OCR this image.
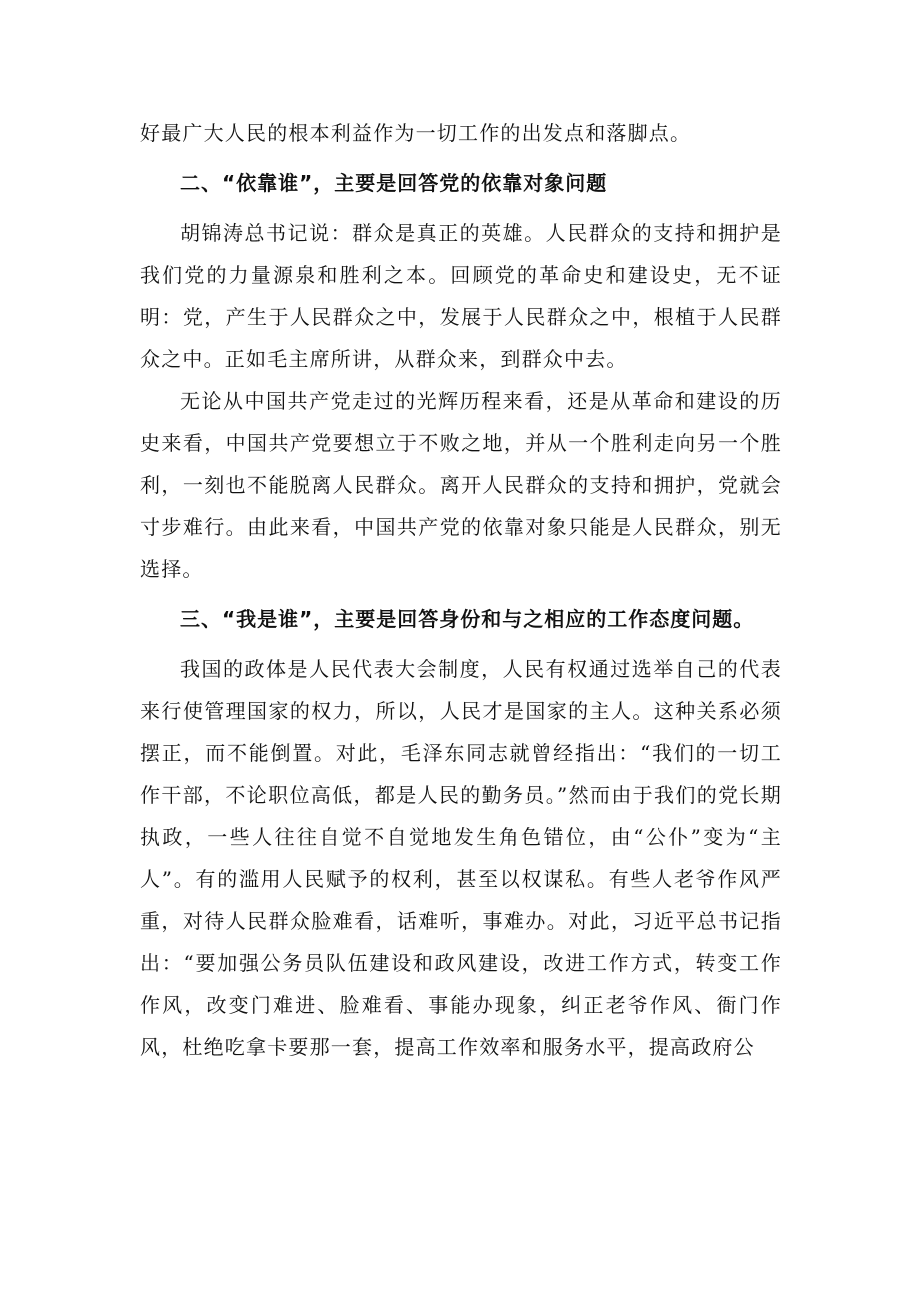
好最广大人民的根本利益作为一切工作的出发点和落脚点。

二、“依靠谁”，主要是回答党的依靠对象问题

胡锦涛总书记说：群众是真正的英雄。人民群众的支持和拥护是我们党的力量源泉和胜利之本。回顾党的革命史和建设史，无不证明：党，产生于人民群众之中，发展于人民群众之中，根植于人民群众之中。正如毛主席所讲，从群众来，到群众中去。

无论从中国共产党走过的光辉历程来看，还是从革命和建设的历史来看，中国共产党要想立于不败之地，并从一个胜利走向另一个胜利，一刻也不能脱离人民群众。离开人民群众的支持和拥护，党就会寸步难行。由此来看，中国共产党的依靠对象只能是人民群众，别无选择。

三、“我是谁”，主要是回答身份和与之相应的工作态度问题。

我国的政体是人民代表大会制度，人民有权通过选举自己的代表来行使管理国家的权力，所以，人民才是国家的主人。这种关系必须摆正，而不能倒置。对此，毛泽东同志就曾经指出：“我们的一切工作干部，不论职位高低，都是人民的勤务员。”然而由于我们的党长期执政，一些人往往自觉不自觉地发生角色错位，由“公仆”变为“主人”。有的滥用人民赋予的权利，甚至以权谋私。有些人老爷作风严重，对待人民群众脸难看，话难听，事难办。对此，习近平总书记指出：“要加强公务员队伍建设和政风建设，改进工作方式，转变工作作风，改变门难进、脸难看、事能办现象，纠正老爷作风、衙门作风，杜绝吃拿卡要那一套，提高工作效率和服务水平，提高政府公
